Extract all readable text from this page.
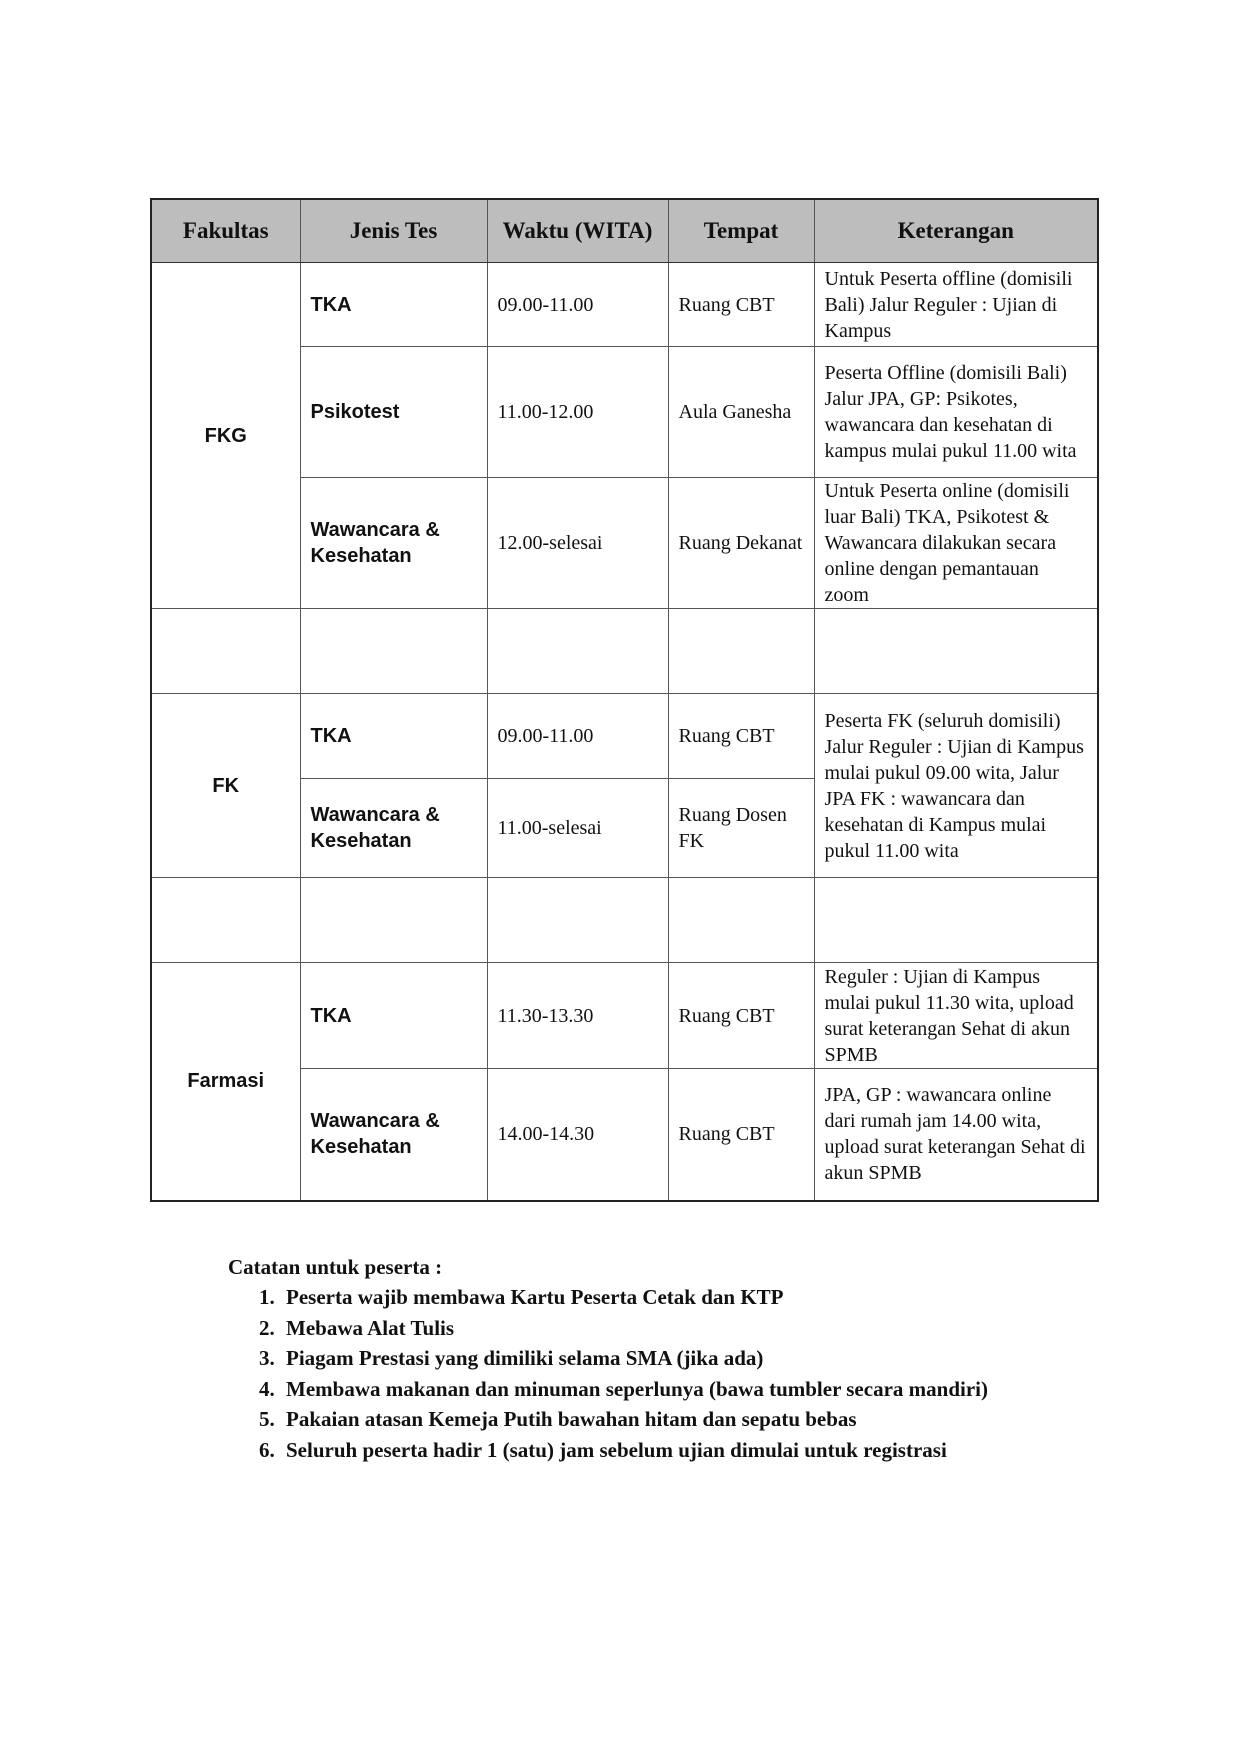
Fakultas	Jenis Tes	Waktu (WITA)	Tempat	Keterangan
FKG	TKA	09.00-11.00	Ruang CBT	Untuk Peserta offline (domisili Bali) Jalur Reguler : Ujian di Kampus
	Psikotest	11.00-12.00	Aula Ganesha	Peserta Offline (domisili Bali) Jalur JPA, GP: Psikotes, wawancara dan kesehatan di kampus mulai pukul 11.00 wita
	Wawancara & Kesehatan	12.00-selesai	Ruang Dekanat	Untuk Peserta online (domisili luar Bali) TKA, Psikotest & Wawancara dilakukan secara online dengan pemantauan zoom

FK	TKA	09.00-11.00	Ruang CBT	Peserta FK (seluruh domisili) Jalur Reguler : Ujian di Kampus mulai pukul 09.00 wita, Jalur JPA FK : wawancara dan kesehatan di Kampus mulai pukul 11.00 wita
	Wawancara & Kesehatan	11.00-selesai	Ruang Dosen FK	

Farmasi	TKA	11.30-13.30	Ruang CBT	Reguler : Ujian di Kampus mulai pukul 11.30 wita, upload surat keterangan Sehat di akun SPMB
	Wawancara & Kesehatan	14.00-14.30	Ruang CBT	JPA, GP : wawancara online dari rumah jam 14.00 wita, upload surat keterangan Sehat di akun SPMB
Catatan untuk peserta :
1. Peserta wajib membawa Kartu Peserta Cetak dan KTP
2. Mebawa Alat Tulis
3. Piagam Prestasi yang dimiliki selama SMA (jika ada)
4. Membawa makanan dan minuman seperlunya (bawa tumbler secara mandiri)
5. Pakaian atasan Kemeja Putih bawahan hitam dan sepatu bebas
6. Seluruh peserta hadir 1 (satu) jam sebelum ujian dimulai untuk registrasi
